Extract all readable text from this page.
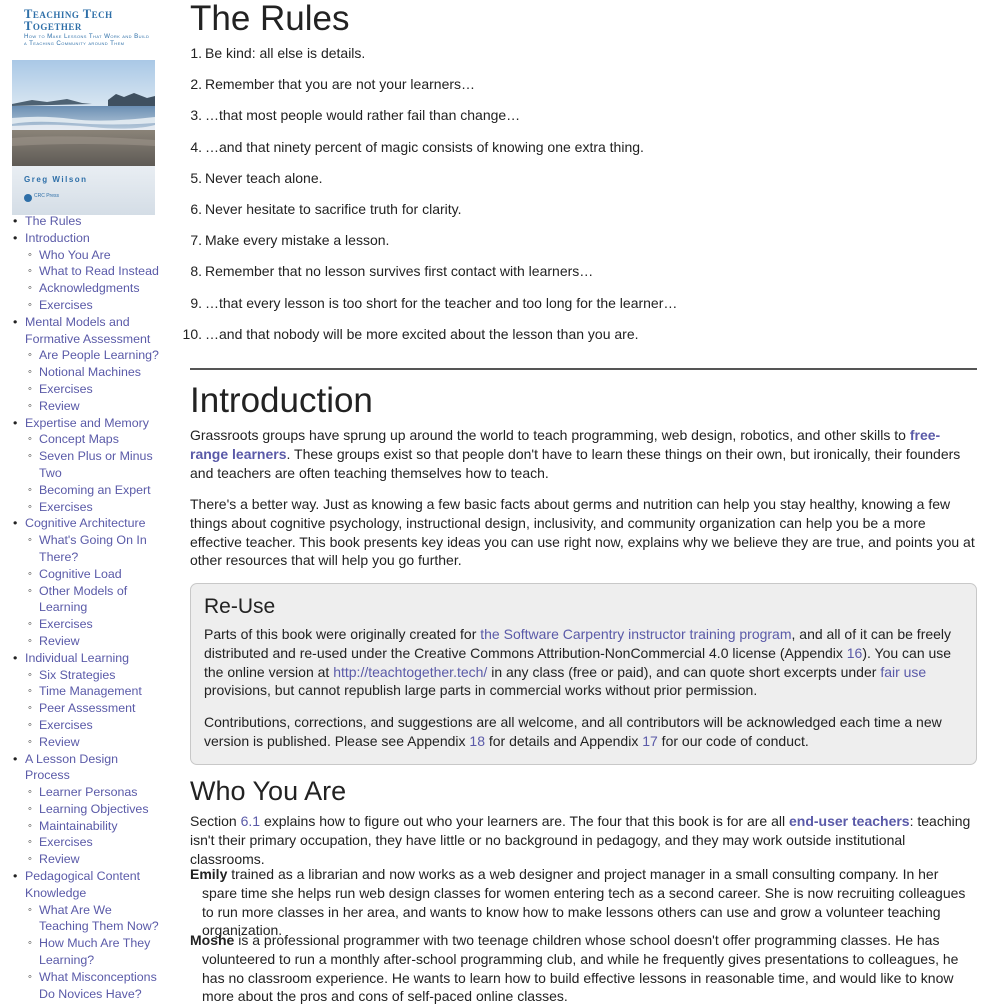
Teaching Tech Together
How to Make Lessons That Work and Build a Teaching Community around Them
Greg Wilson
CRC Press
• The Rules
• Introduction
◦ Who You Are
◦ What to Read Instead
◦ Acknowledgments
◦ Exercises
• Mental Models and Formative Assessment
◦ Are People Learning?
◦ Notional Machines
◦ Exercises
◦ Review
• Expertise and Memory
◦ Concept Maps
◦ Seven Plus or Minus Two
◦ Becoming an Expert
◦ Exercises
• Cognitive Architecture
◦ What's Going On In There?
◦ Cognitive Load
◦ Other Models of Learning
◦ Exercises
◦ Review
• Individual Learning
◦ Six Strategies
◦ Time Management
◦ Peer Assessment
◦ Exercises
◦ Review
• A Lesson Design Process
◦ Learner Personas
◦ Learning Objectives
◦ Maintainability
◦ Exercises
◦ Review
• Pedagogical Content Knowledge
◦ What Are We Teaching Them Now?
◦ How Much Are They Learning?
◦ What Misconceptions Do Novices Have?
The Rules
1. Be kind: all else is details.
2. Remember that you are not your learners…
3. …that most people would rather fail than change…
4. …and that ninety percent of magic consists of knowing one extra thing.
5. Never teach alone.
6. Never hesitate to sacrifice truth for clarity.
7. Make every mistake a lesson.
8. Remember that no lesson survives first contact with learners…
9. …that every lesson is too short for the teacher and too long for the learner…
10. …and that nobody will be more excited about the lesson than you are.
Introduction

Grassroots groups have sprung up around the world to teach programming, web design, robotics, and other skills to free-range learners. These groups exist so that people don't have to learn these things on their own, but ironically, their founders and teachers are often teaching themselves how to teach.

There's a better way. Just as knowing a few basic facts about germs and nutrition can help you stay healthy, knowing a few things about cognitive psychology, instructional design, inclusivity, and community organization can help you be a more effective teacher. This book presents key ideas you can use right now, explains why we believe they are true, and points you at other resources that will help you go further.

Re-Use

Parts of this book were originally created for the Software Carpentry instructor training program, and all of it can be freely distributed and re-used under the Creative Commons Attribution-NonCommercial 4.0 license (Appendix 16). You can use the online version at http://teachtogether.tech/ in any class (free or paid), and can quote short excerpts under fair use provisions, but cannot republish large parts in commercial works without prior permission.

Contributions, corrections, and suggestions are all welcome, and all contributors will be acknowledged each time a new version is published. Please see Appendix 18 for details and Appendix 17 for our code of conduct.

Who You Are

Section 6.1 explains how to figure out who your learners are. The four that this book is for are all end-user teachers: teaching isn't their primary occupation, they have little or no background in pedagogy, and they may work outside institutional classrooms.

Emily trained as a librarian and now works as a web designer and project manager in a small consulting company. In her spare time she helps run web design classes for women entering tech as a second career. She is now recruiting colleagues to run more classes in her area, and wants to know how to make lessons others can use and grow a volunteer teaching organization.

Moshe is a professional programmer with two teenage children whose school doesn't offer programming classes. He has volunteered to run a monthly after-school programming club, and while he frequently gives presentations to colleagues, he has no classroom experience. He wants to learn how to build effective lessons in reasonable time, and would like to know more about the pros and cons of self-paced online classes.
